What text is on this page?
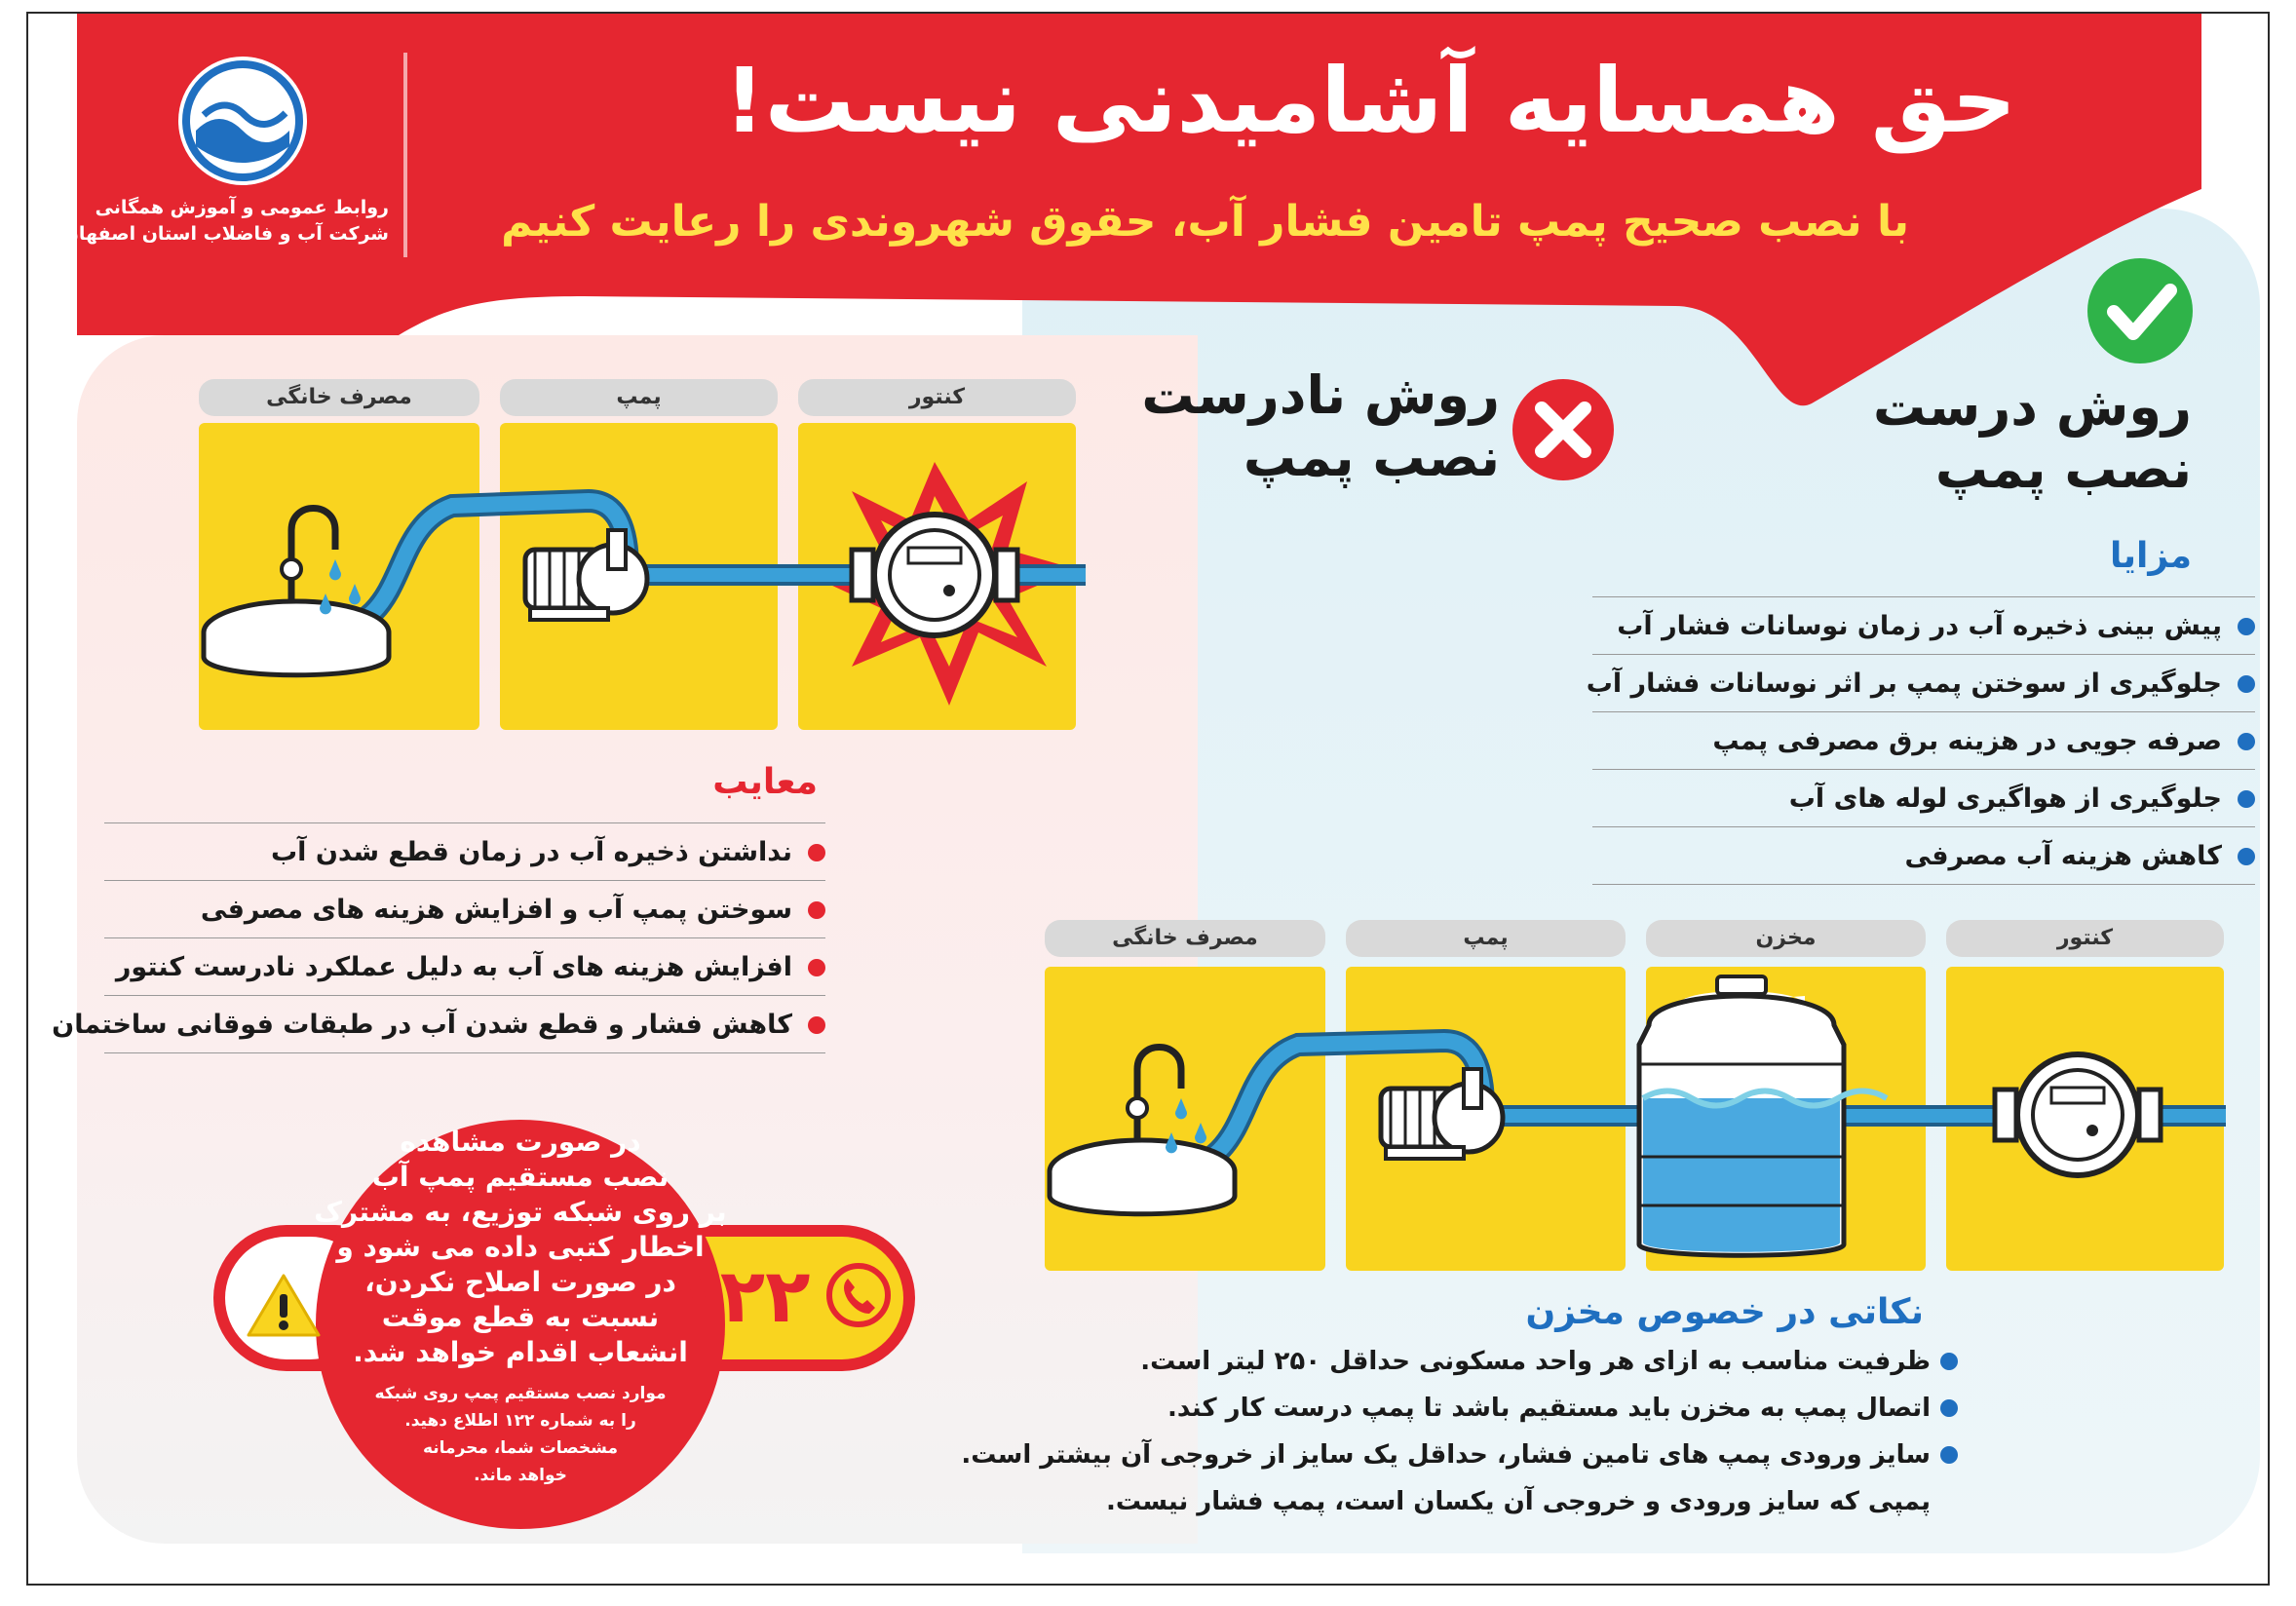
روابط عمومی و آموزش همگانی
شرکت آب و فاضلاب استان اصفهان
حق همسایه آشامیدنی نیست!
با نصب صحیح پمپ تامین فشار آب، حقوق شهروندی را رعایت کنیم
روش نادرست
نصب پمپ
روش درست
نصب پمپ
کنتور
پمپ
مصرف خانگی
معایب
نداشتن ذخیره آب در زمان قطع شدن آب
سوختن پمپ آب و افزایش هزینه های مصرفی
افزایش هزینه های آب به دلیل عملکرد نادرست کنتور
کاهش فشار و قطع شدن آب در طبقات فوقانی ساختمان
مزایا
پیش بینی ذخیره آب در زمان نوسانات فشار آب
جلوگیری از سوختن پمپ بر اثر نوسانات فشار آب
صرفه جویی در هزینه برق مصرفی پمپ
جلوگیری از هواگیری لوله های آب
کاهش هزینه آب مصرفی
کنتور
مخزن
پمپ
مصرف خانگی
نکاتی در خصوص مخزن
ظرفیت مناسب به ازای هر واحد مسکونی حداقل ۲۵۰ لیتر است.
اتصال پمپ به مخزن باید مستقیم باشد تا پمپ درست کار کند.
سایز ورودی پمپ های تامین فشار، حداقل یک سایز از خروجی آن بیشتر است.
پمپی که سایز ورودی و خروجی آن یکسان است، پمپ فشار نیست.
۱۲۲
در صورت مشاهده
نصب مستقیم پمپ آب
بر روی شبکه توزیع، به مشترک
اخطار کتبی داده می شود و
در صورت اصلاح نکردن،
نسبت به قطع موقت
انشعاب اقدام خواهد شد.
موارد نصب مستقیم پمپ روی شبکه
را به شماره ۱۲۲ اطلاع دهید.
مشخصات شما، محرمانه
خواهد ماند.
